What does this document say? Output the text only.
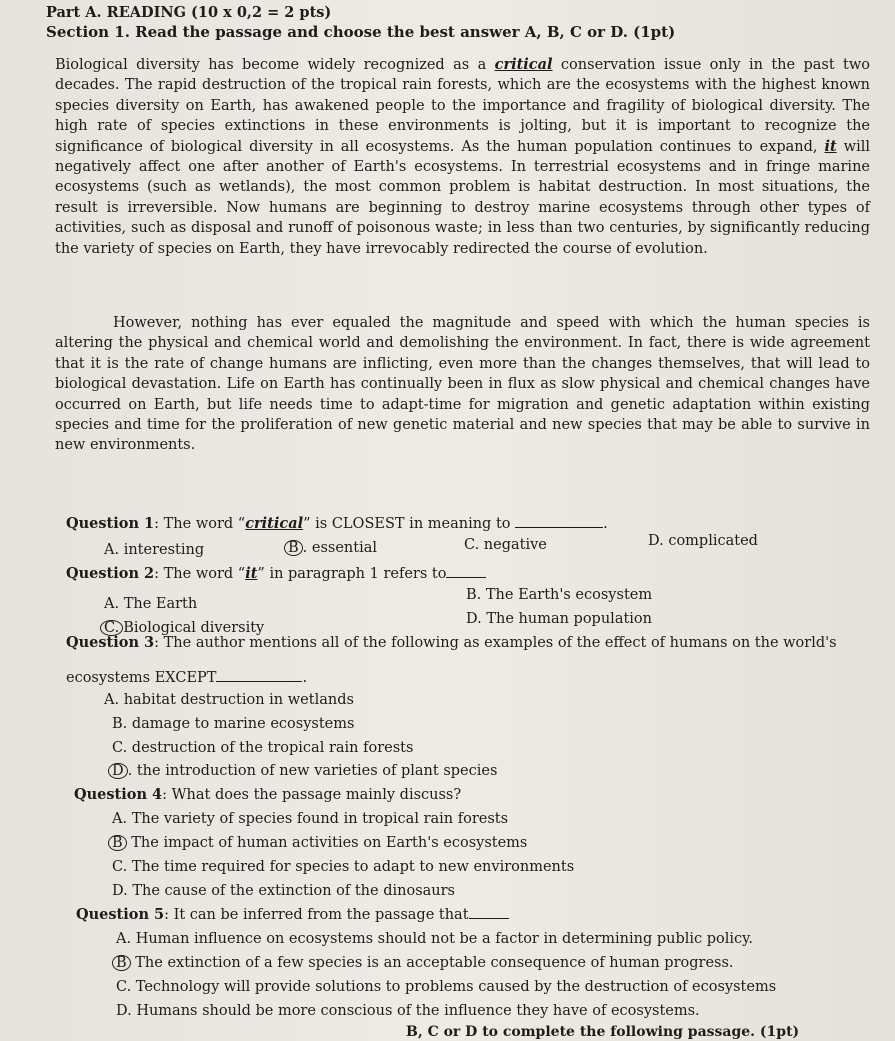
Part A. READING (10 x 0,2 = 2 pts)
Section 1. Read the passage and choose the best answer A, B, C or D. (1pt)
Biological diversity has become widely recognized as a critical conservation issue only in the past two decades. The rapid destruction of the tropical rain forests, which are the ecosystems with the highest known species diversity on Earth, has awakened people to the importance and fragility of biological diversity. The high rate of species extinctions in these environments is jolting, but it is important to recognize the significance of biological diversity in all ecosystems. As the human population continues to expand, it will negatively affect one after another of Earth's ecosystems. In terrestrial ecosystems and in fringe marine ecosystems (such as wetlands), the most common problem is habitat destruction. In most situations, the result is irreversible. Now humans are beginning to destroy marine ecosystems through other types of activities, such as disposal and runoff of poisonous waste; in less than two centuries, by significantly reducing the variety of species on Earth, they have irrevocably redirected the course of evolution.
However, nothing has ever equaled the magnitude and speed with which the human species is altering the physical and chemical world and demolishing the environment. In fact, there is wide agreement that it is the rate of change humans are inflicting, even more than the changes themselves, that will lead to biological devastation. Life on Earth has continually been in flux as slow physical and chemical changes have occurred on Earth, but life needs time to adapt-time for migration and genetic adaptation within existing species and time for the proliferation of new genetic material and new species that may be able to survive in new environments.
Question 1: The word “critical” is CLOSEST in meaning to	.
A. interesting	B . essential	C. negative	D. complicated
Question 2: The word “it” in paragraph 1 refers to
A. The Earth
B. The Earth's ecosystem
C. Biological diversity
D. The human population
Question 3: The author mentions all of the following as examples of the effect of humans on the world's
ecosystems EXCEPT	.
A. habitat destruction in wetlands
B. damage to marine ecosystems
C. destruction of the tropical rain forests
D . the introduction of new varieties of plant species
Question 4: What does the passage mainly discuss?
A. The variety of species found in tropical rain forests
B The impact of human activities on Earth's ecosystems
C. The time required for species to adapt to new environments
D. The cause of the extinction of the dinosaurs
Question 5: It can be inferred from the passage that
A. Human influence on ecosystems should not be a factor in determining public policy.
B The extinction of a few species is an acceptable consequence of human progress.
C. Technology will provide solutions to problems caused by the destruction of ecosystems
D. Humans should be more conscious of the influence they have of ecosystems.
B, C or D to complete the following passage. (1pt)
